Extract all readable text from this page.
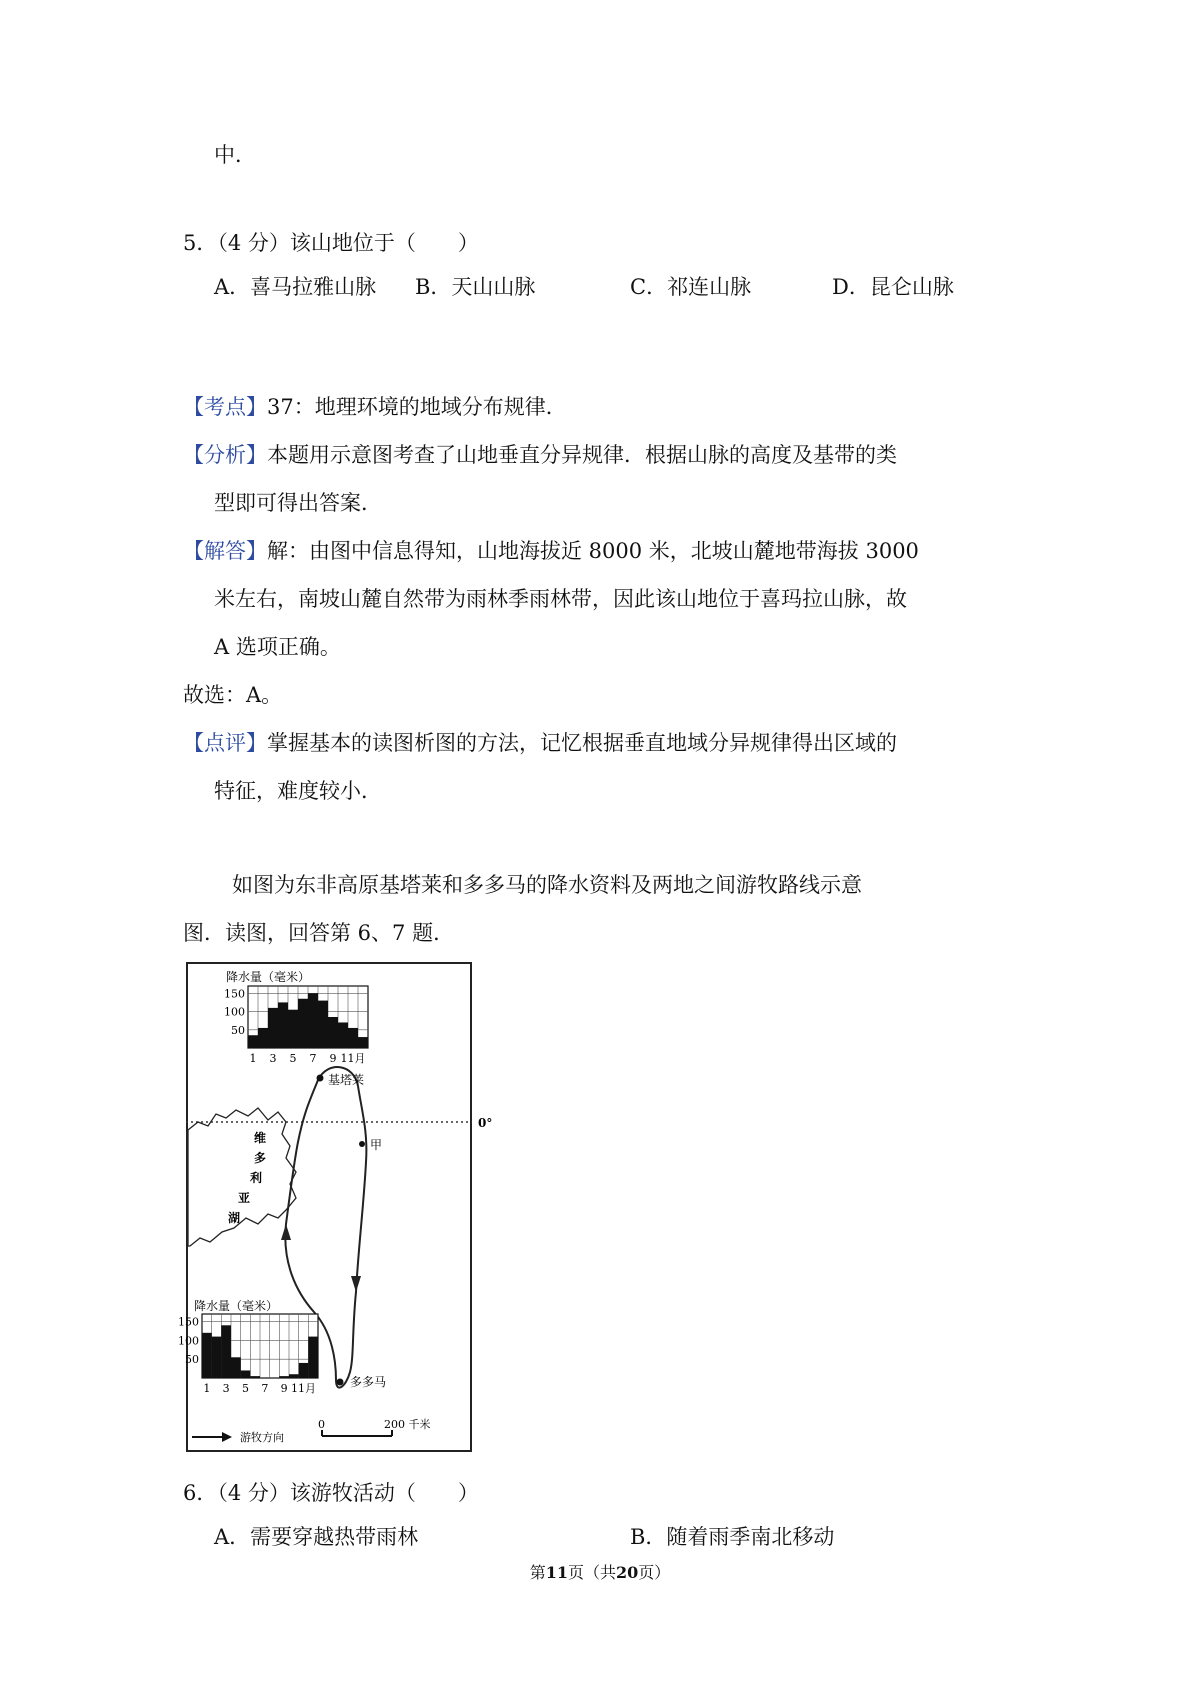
中．
5．（4 分）该山地位于（　　）
A．喜马拉雅山脉 B．天山山脉	C．祁连山脉	D．昆仑山脉
【考点】37：地理环境的地域分布规律．
【分析】本题用示意图考查了山地垂直分异规律．根据山脉的高度及基带的类
型即可得出答案．
【解答】解：由图中信息得知，山地海拔近 8000 米，北坡山麓地带海拔 3000
米左右，南坡山麓自然带为雨林季雨林带，因此该山地位于喜玛拉山脉，故
A 选项正确。
故选：A。
【点评】掌握基本的读图析图的方法，记忆根据垂直地域分异规律得出区域的
特征，难度较小．
如图为东非高原基塔莱和多多马的降水资料及两地之间游牧路线示意
图．读图，回答第 6、7 题．
降水量（毫米）
150
100
50
1 3 5 7 9 11月
0°
维
多
利
亚
湖
基塔莱
甲
多多马
降水量（毫米）
150
100
50
1 3 5 7 9 11月
游牧方向
0	200 千米
6．（4 分）该游牧活动（　　）
A．需要穿越热带雨林	B．随着雨季南北移动
第11页（共20页）
